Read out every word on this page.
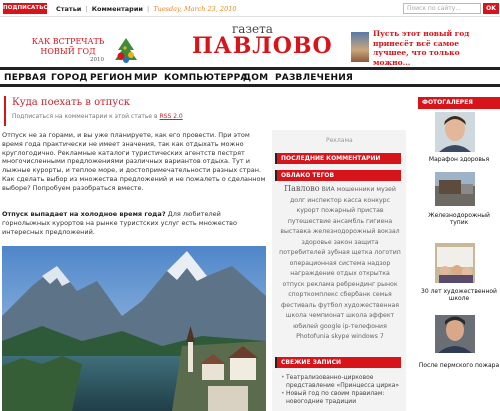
ПОДПИСАТЬСЯ Статьи | Комментарии | Tuesday, March 23, 2010	Поиск по сайту...	OK
КАК ВСТРЕЧАТЬ
НОВЫЙ ГОД
2010
газета
ПАВЛОВО	Пусть этот новый год принесёт всё самое лучшее, что только можно...
ПЕРВАЯ ГОРОД РЕГИОН МИР КОМПЬЮТЕРРА
ДОМ РАЗВЛЕЧЕНИЯ
Куда поехать в отпуск
Подписаться на комментарии к этой статье в RSS 2.0
Отпуск не за горами, и вы уже планируете, как его провести. При этом время года практически не имеет значения, так как отдыхать можно круглогодично. Рекламные каталоги туристических агентств пестрят многочисленными предложениями различных вариантов отдыха. Тут и лыжные курорты, и теплое море, и достопримечательности разных стран. Как сделать выбор из множества предложений и не пожалеть о сделанном выборе? Попробуем разобраться вместе.
Отпуск выпадает на холодное время года? Для любителей горнолыжных курортов на рынке туристских услуг есть множество интересных предложений.
Реклама
ПОСЛЕДНИЕ КОММЕНТАРИИ
ОБЛАКО ТЕГОВ
Павлово ВИА мошенники музей долг инспектор касса конкурс курорт пожарный пристав путешествие ансамбль гигиена выставка железнодорожный вокзал здоровье закон защита потребителей зубная щетка логотип операционная система надзор награждение отдых открытка отпуск реклама ребрендинг рынок спорткомплекс сбербанк семья фестиваль футбол художественная школа чемпионат школа эффект юбилей google ip-телефония Photofunia skype windows 7
СВЕЖИЕ ЗАПИСИ
• Театрализованно-цирковое представление «Принцесса цирка»
• Новый год по своим правилам: новогодние традиции
ФОТОГАЛЕРЕЯ
Марафон здоровья
Железнодорожный тупик
30 лет художественной школе
После пермского пожара
